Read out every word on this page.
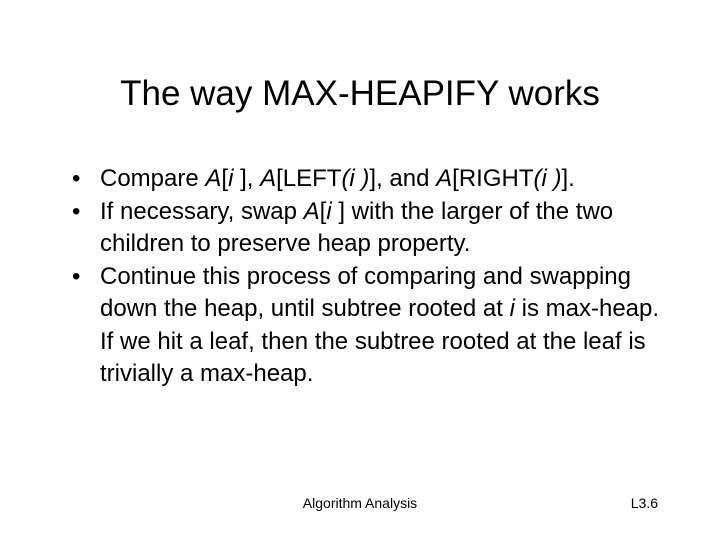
The way MAX-HEAPIFY works
• Compare A[i ], A[LEFT(i )], and A[RIGHT(i )].
• If necessary, swap A[i ] with the larger of the two children to preserve heap property.
• Continue this process of comparing and swapping down the heap, until subtree rooted at i is max-heap. If we hit a leaf, then the subtree rooted at the leaf is trivially a max-heap.
Algorithm Analysis	L3.6
